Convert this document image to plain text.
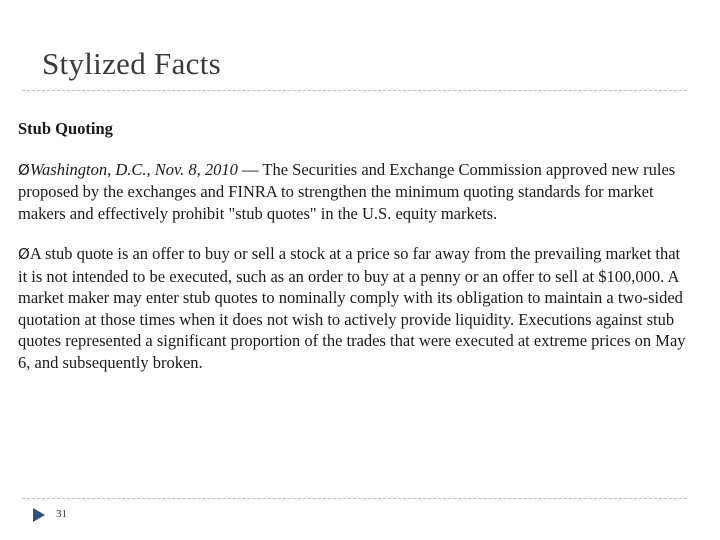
Stylized Facts
Stub Quoting
ØWashington, D.C., Nov. 8, 2010 — The Securities and Exchange Commission approved new rules proposed by the exchanges and FINRA to strengthen the minimum quoting standards for market makers and effectively prohibit "stub quotes" in the U.S. equity markets.
ØA stub quote is an offer to buy or sell a stock at a price so far away from the prevailing market that it is not intended to be executed, such as an order to buy at a penny or an offer to sell at $100,000. A market maker may enter stub quotes to nominally comply with its obligation to maintain a two-sided quotation at those times when it does not wish to actively provide liquidity. Executions against stub quotes represented a significant proportion of the trades that were executed at extreme prices on May 6, and subsequently broken.
31
